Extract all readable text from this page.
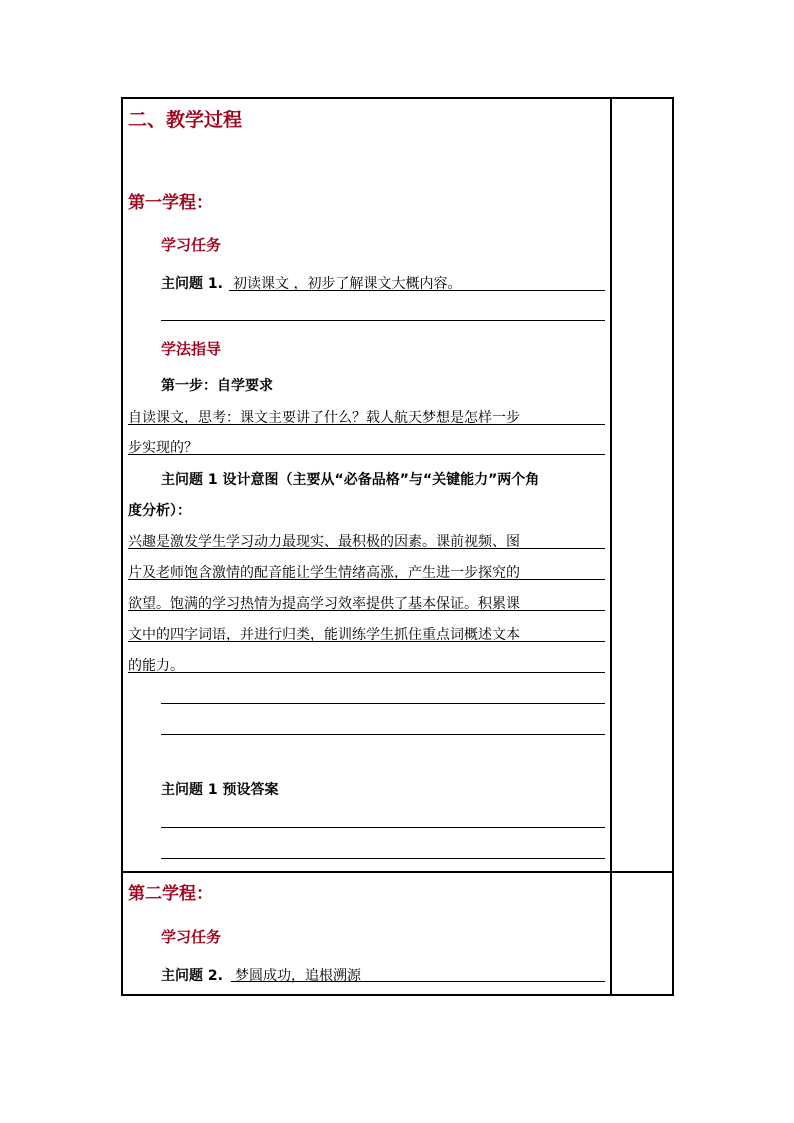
二、教学过程
第一学程：
学习任务
主问题 1. 初读课文 ，初步了解课文大概内容。
学法指导
第一步：自学要求
自读课文，思考：课文主要讲了什么？载人航天梦想是怎样一步
步实现的？
主问题 1 设计意图（主要从“必备品格”与“关键能力”两个角
度分析）：
兴趣是激发学生学习动力最现实、最积极的因素。课前视频、图
片及老师饱含激情的配音能让学生情绪高涨，产生进一步探究的
欲望。饱满的学习热情为提高学习效率提供了基本保证。积累课
文中的四字词语，并进行归类，能训练学生抓住重点词概述文本
的能力。
主问题 1 预设答案
第二学程：
学习任务
主问题 2. 梦圆成功，追根溯源
